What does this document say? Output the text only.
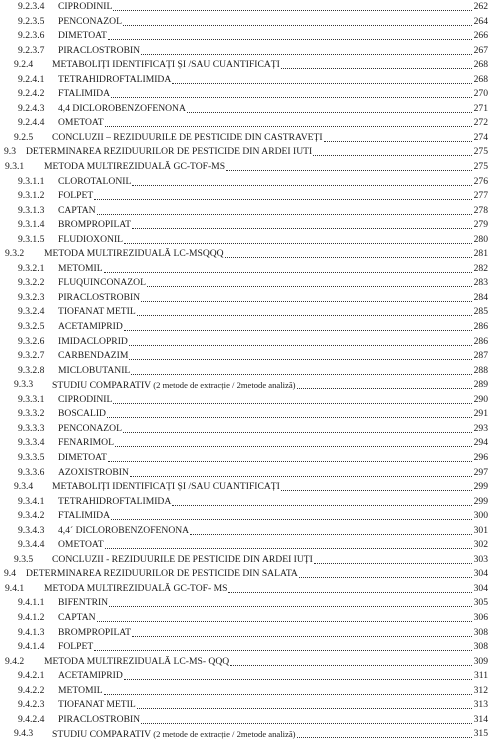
9.2.3.4 CIPRODINIL	262
9.2.3.5 PENCONAZOL	264
9.2.3.6 DIMETOAT	266
9.2.3.7 PIRACLOSTROBIN	267
9.2.4 METABOLIȚI IDENTIFICAȚI ȘI /SAU CUANTIFICAȚI	268
9.2.4.1 TETRAHIDROFTALIMIDA	268
9.2.4.2 FTALIMIDA	270
9.2.4.3 4,4 DICLOROBENZOFENONA	271
9.2.4.4 OMETOAT	272
9.2.5 CONCLUZII – REZIDUURILE DE PESTICIDE DIN CASTRAVEȚI	274
9.3 DETERMINAREA REZIDUURILOR DE PESTICIDE DIN ARDEI IUTI	275
9.3.1 METODA MULTIREZIDUALĂ GC-TOF-MS	275
9.3.1.1 CLOROTALONIL	276
9.3.1.2 FOLPET	277
9.3.1.3 CAPTAN	278
9.3.1.4 BROMPROPILAT	279
9.3.1.5 FLUDIOXONIL	280
9.3.2 METODA MULTIREZIDUALĂ LC-MSQQQ	281
9.3.2.1 METOMIL	282
9.3.2.2 FLUQUINCONAZOL	283
9.3.2.3 PIRACLOSTROBIN	284
9.3.2.4 TIOFANAT METIL	285
9.3.2.5 ACETAMIPRID	286
9.3.2.6 IMIDACLOPRID	286
9.3.2.7 CARBENDAZIM	287
9.3.2.8 MICLOBUTANIL	288
9.3.3 STUDIU COMPARATIV (2 metode de extracție / 2metode analiză)	289
9.3.3.1 CIPRODINIL	290
9.3.3.2 BOSCALID	291
9.3.3.3 PENCONAZOL	293
9.3.3.4 FENARIMOL	294
9.3.3.5 DIMETOAT	296
9.3.3.6 AZOXISTROBIN	297
9.3.4 METABOLIȚI IDENTIFICAȚI ȘI /SAU CUANTIFICAȚI	299
9.3.4.1 TETRAHIDROFTALIMIDA	299
9.3.4.2 FTALIMIDA	300
9.3.4.3 4,4´ DICLOROBENZOFENONA	301
9.3.4.4 OMETOAT	302
9.3.5 CONCLUZII - REZIDUURILE DE PESTICIDE DIN ARDEI IUȚI	303
9.4 DETERMINAREA REZIDUURILOR DE PESTICIDE DIN SALATA	304
9.4.1 METODA MULTIREZIDUALĂ GC-TOF- MS	304
9.4.1.1 BIFENTRIN	305
9.4.1.2 CAPTAN	306
9.4.1.3 BROMPROPILAT	308
9.4.1.4 FOLPET	308
9.4.2 METODA MULTIREZIDUALĂ LC-MS- QQQ	309
9.4.2.1 ACETAMIPRID	311
9.4.2.2 METOMIL	312
9.4.2.3 TIOFANAT METIL	313
9.4.2.4 PIRACLOSTROBIN	314
9.4.3 STUDIU COMPARATIV (2 metode de extracție / 2metode analiză)	315
